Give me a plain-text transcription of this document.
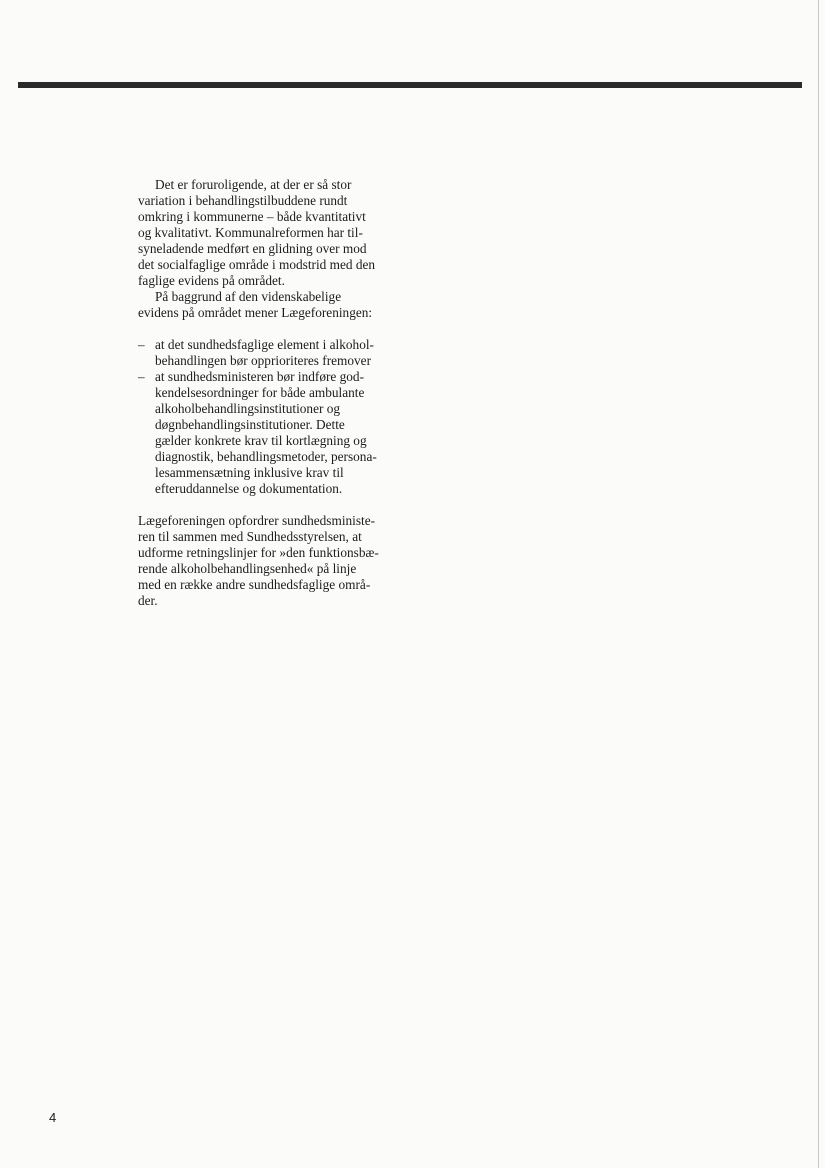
Det er foruroligende, at der er så stor
variation i behandlingstilbuddene rundt
omkring i kommunerne – både kvantitativt
og kvalitativt. Kommunalreformen har til-
syneladende medført en glidning over mod
det socialfaglige område i modstrid med den
faglige evidens på området.
På baggrund af den videnskabelige
evidens på området mener Lægeforeningen:
– at det sundhedsfaglige element i alkohol-
behandlingen bør opprioriteres fremover
– at sundhedsministeren bør indføre god-
kendelsesordninger for både ambulante
alkoholbehandlingsinstitutioner og
døgnbehandlingsinstitutioner. Dette
gælder konkrete krav til kortlægning og
diagnostik, behandlingsmetoder, persona-
lesammensætning inklusive krav til
efteruddannelse og dokumentation.
Lægeforeningen opfordrer sundhedsministe-
ren til sammen med Sundhedsstyrelsen, at
udforme retningslinjer for »den funktionsbæ-
rende alkoholbehandlingsenhed« på linje
med en række andre sundhedsfaglige områ-
der.
4
